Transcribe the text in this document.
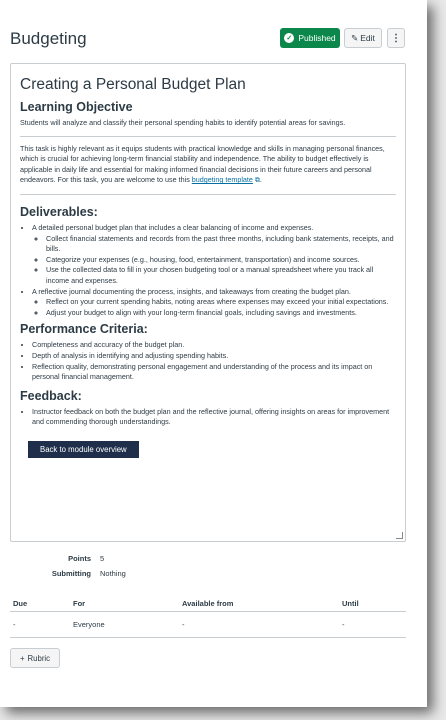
Budgeting	✓ Published ✎ Edit	⋮
Creating a Personal Budget Plan
Learning Objective

Students will analyze and classify their personal spending habits to identify potential areas for savings.

This task is highly relevant as it equips students with practical knowledge and skills in managing personal finances, which is crucial for achieving long-term financial stability and independence. The ability to budget effectively is applicable in daily life and essential for making informed financial decisions in their future careers and personal endeavors. For this task, you are welcome to use this budgeting template ⧉.

Deliverables:
• A detailed personal budget plan that includes a clear balancing of income and expenses.
◦ Collect financial statements and records from the past three months, including bank statements, receipts, and bills.
◦ Categorize your expenses (e.g., housing, food, entertainment, transportation) and income sources.
◦ Use the collected data to fill in your chosen budgeting tool or a manual spreadsheet where you track all income and expenses.
• A reflective journal documenting the process, insights, and takeaways from creating the budget plan.
◦ Reflect on your current spending habits, noting areas where expenses may exceed your initial expectations.
◦ Adjust your budget to align with your long-term financial goals, including savings and investments.
Performance Criteria:
• Completeness and accuracy of the budget plan.
• Depth of analysis in identifying and adjusting spending habits.
• Reflection quality, demonstrating personal engagement and understanding of the process and its impact on personal financial management.
Feedback:
• Instructor feedback on both the budget plan and the reflective journal, offering insights on areas for improvement and commending thorough understandings.
Back to module overview
Points 5
Submitting Nothing
Due	For	Available from	Until
-	Everyone	-	-
+ Rubric
